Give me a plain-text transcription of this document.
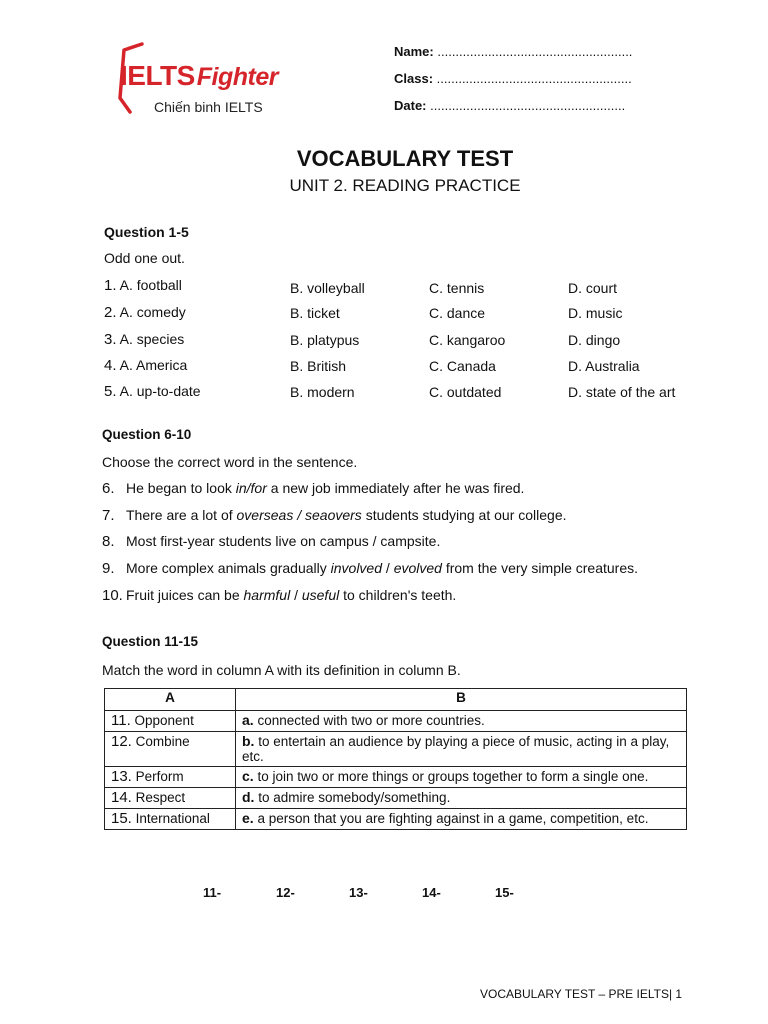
IELTSFighter
Chiến binh IELTS
Name: ......................................................
Class: ......................................................
Date: ......................................................
VOCABULARY TEST
UNIT 2. READING PRACTICE
Question 1-5
Odd one out.
1. A. football	B. volleyball	C. tennis	D. court
2. A. comedy	B. ticket	C. dance	D. music
3. A. species	B. platypus	C. kangaroo	D. dingo
4. A. America	B. British	C. Canada	D. Australia
5. A. up-to-date	B. modern	C. outdated	D. state of the art
Question 6-10
Choose the correct word in the sentence.
6. He began to look in/for a new job immediately after he was fired.
7. There are a lot of overseas / seaovers students studying at our college.
8. Most first-year students live on campus / campsite.
9. More complex animals gradually involved / evolved from the very simple creatures.
10. Fruit juices can be harmful / useful to children's teeth.
Question 11-15
Match the word in column A with its definition in column B.
A	B
11. Opponent	a. connected with two or more countries.
12. Combine	b. to entertain an audience by playing a piece of music, acting in a play, etc.
13. Perform	c. to join two or more things or groups together to form a single one.
14. Respect	d. to admire somebody/something.
15. International	e. a person that you are fighting against in a game, competition, etc.
11-	12-	13-	14-	15-
VOCABULARY TEST – PRE IELTS| 1
